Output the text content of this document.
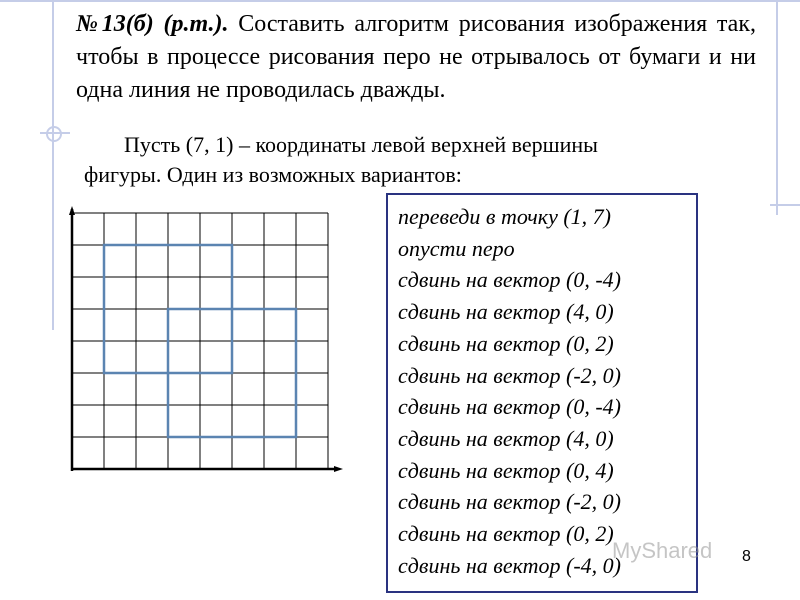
№13(б) (р.т.). Составить алгоритм рисования изображения так, чтобы в процессе рисования перо не отрывалось от бумаги и ни одна линия не проводилась дважды.
Пусть (7, 1) – координаты левой верхней вершины
фигуры. Один из возможных вариантов:
переведи в точку (1, 7)
опусти перо
сдвинь на вектор (0, -4)
сдвинь на вектор (4, 0)
сдвинь на вектор (0, 2)
сдвинь на вектор (-2, 0)
сдвинь на вектор (0, -4)
сдвинь на вектор (4, 0)
сдвинь на вектор (0, 4)
сдвинь на вектор (-2, 0)
сдвинь на вектор (0, 2)
сдвинь на вектор (-4, 0)
MyShared 8
